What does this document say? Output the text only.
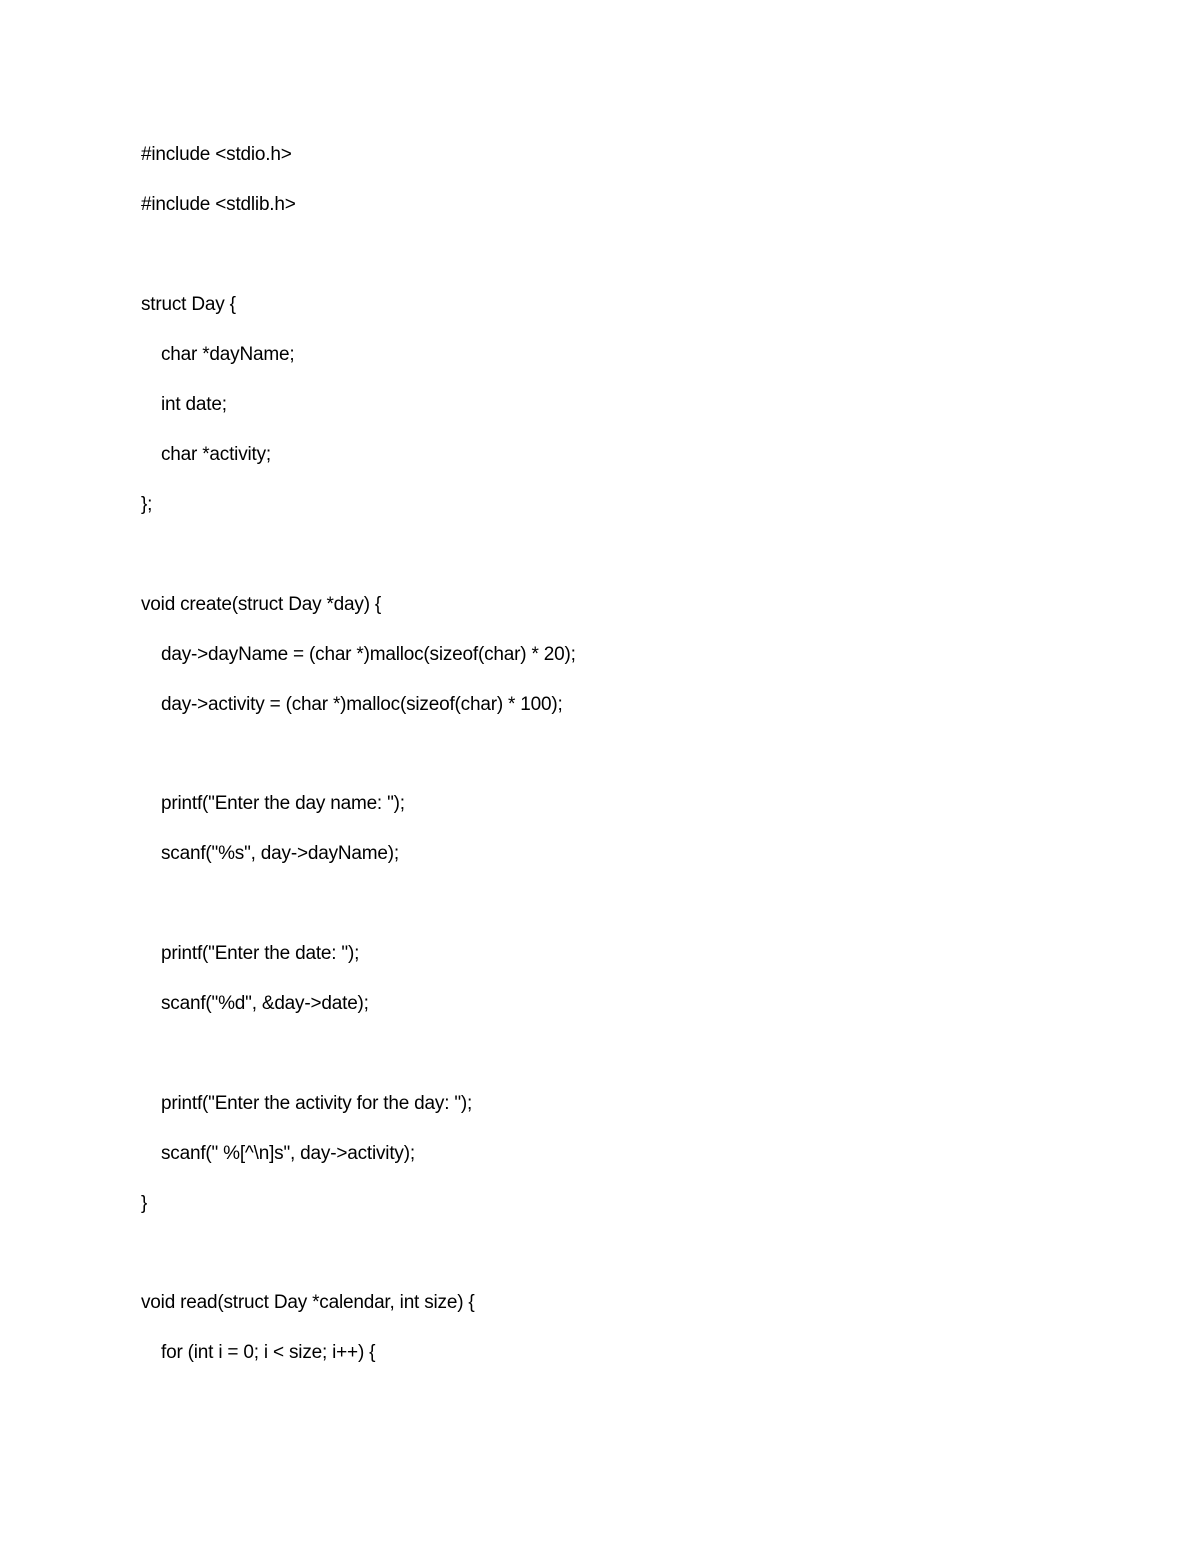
#include <stdio.h>
#include <stdlib.h>
struct Day {
char *dayName;
int date;
char *activity;
};
void create(struct Day *day) {
day->dayName = (char *)malloc(sizeof(char) * 20);
day->activity = (char *)malloc(sizeof(char) * 100);
printf("Enter the day name: ");
scanf("%s", day->dayName);
printf("Enter the date: ");
scanf("%d", &day->date);
printf("Enter the activity for the day: ");
scanf(" %[^\n]s", day->activity);
}
void read(struct Day *calendar, int size) {
for (int i = 0; i < size; i++) {
